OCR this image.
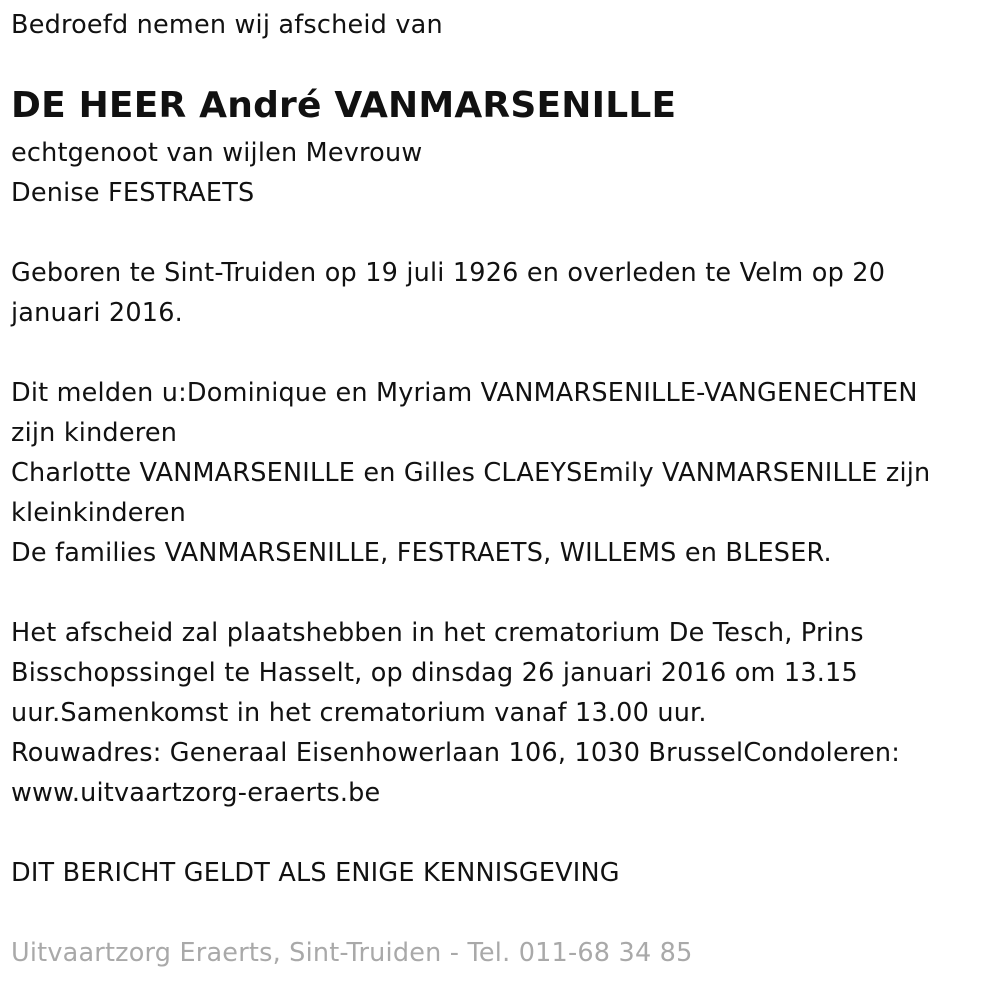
Bedroefd nemen wij afscheid van
DE HEER André VANMARSENILLE
echtgenoot van wijlen Mevrouw
Denise FESTRAETS
Geboren te Sint-Truiden op 19 juli 1926 en overleden te Velm op 20
januari 2016.
Dit melden u:Dominique en Myriam VANMARSENILLE-VANGENECHTEN
zijn kinderen
Charlotte VANMARSENILLE en Gilles CLAEYSEmily VANMARSENILLE zijn
kleinkinderen
De families VANMARSENILLE, FESTRAETS, WILLEMS en BLESER.
Het afscheid zal plaatshebben in het crematorium De Tesch, Prins
Bisschopssingel te Hasselt, op dinsdag 26 januari 2016 om 13.15
uur.Samenkomst in het crematorium vanaf 13.00 uur.
Rouwadres: Generaal Eisenhowerlaan 106, 1030 BrusselCondoleren:
www.uitvaartzorg-eraerts.be
DIT BERICHT GELDT ALS ENIGE KENNISGEVING
Uitvaartzorg Eraerts, Sint-Truiden - Tel. 011-68 34 85
